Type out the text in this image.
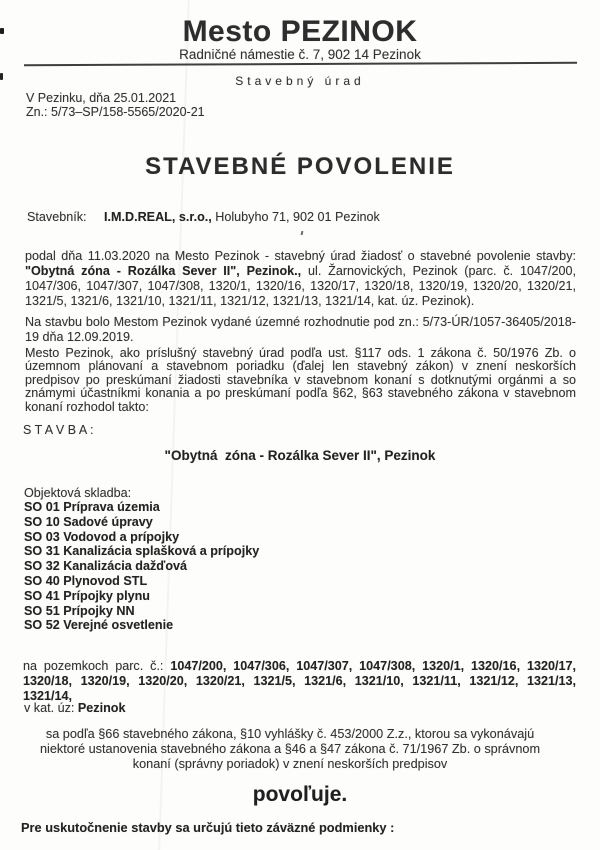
Mesto PEZINOK
Radničné námestie č. 7, 902 14 Pezinok
Stavebný úrad
V Pezinku, dňa 25.01.2021
Zn.: 5/73–SP/158-5565/2020-21
STAVEBNÉ POVOLENIE
Stavebník:	I.M.D.REAL, s.r.o., Holubyho 71, 902 01 Pezinok
podal dňa 11.03.2020 na Mesto Pezinok - stavebný úrad žiadosť o stavebné povolenie stavby: "Obytná zóna - Rozálka Sever II", Pezinok., ul. Žarnovických, Pezinok (parc. č. 1047/200, 1047/306, 1047/307, 1047/308, 1320/1, 1320/16, 1320/17, 1320/18, 1320/19, 1320/20, 1320/21, 1321/5, 1321/6, 1321/10, 1321/11, 1321/12, 1321/13, 1321/14, kat. úz. Pezinok).
Na stavbu bolo Mestom Pezinok vydané územné rozhodnutie pod zn.: 5/73-ÚR/1057-36405/2018-19 dňa 12.09.2019.
Mesto Pezinok, ako príslušný stavebný úrad podľa ust. §117 ods. 1 zákona č. 50/1976 Zb. o územnom plánovaní a stavebnom poriadku (ďalej len stavebný zákon) v znení neskorších predpisov po preskúmaní žiadosti stavebníka v stavebnom konaní s dotknutými orgánmi a so známymi účastníkmi konania a po preskúmaní podľa §62, §63 stavebného zákona v stavebnom konaní rozhodol takto:
S T A V B A :
"Obytná  zóna - Rozálka Sever II", Pezinok
Objektová skladba:
SO 01 Príprava územia
SO 10 Sadové úpravy
SO 03 Vodovod a prípojky
SO 31 Kanalizácia splašková a prípojky
SO 32 Kanalizácia dažďová
SO 40 Plynovod STL
SO 41 Prípojky plynu
SO 51 Prípojky NN
SO 52 Verejné osvetlenie
na pozemkoch parc. č.: 1047/200, 1047/306, 1047/307, 1047/308, 1320/1, 1320/16, 1320/17, 1320/18, 1320/19, 1320/20, 1320/21, 1321/5, 1321/6, 1321/10, 1321/11, 1321/12, 1321/13, 1321/14,
v kat. úz: Pezinok
sa podľa §66 stavebného zákona, §10 vyhlášky č. 453/2000 Z.z., ktorou sa vykonávajú niektoré ustanovenia stavebného zákona a §46 a §47 zákona č. 71/1967 Zb. o správnom konaní (správny poriadok) v znení neskorších predpisov
povoľuje.
Pre uskutočnenie stavby sa určujú tieto záväzné podmienky :
